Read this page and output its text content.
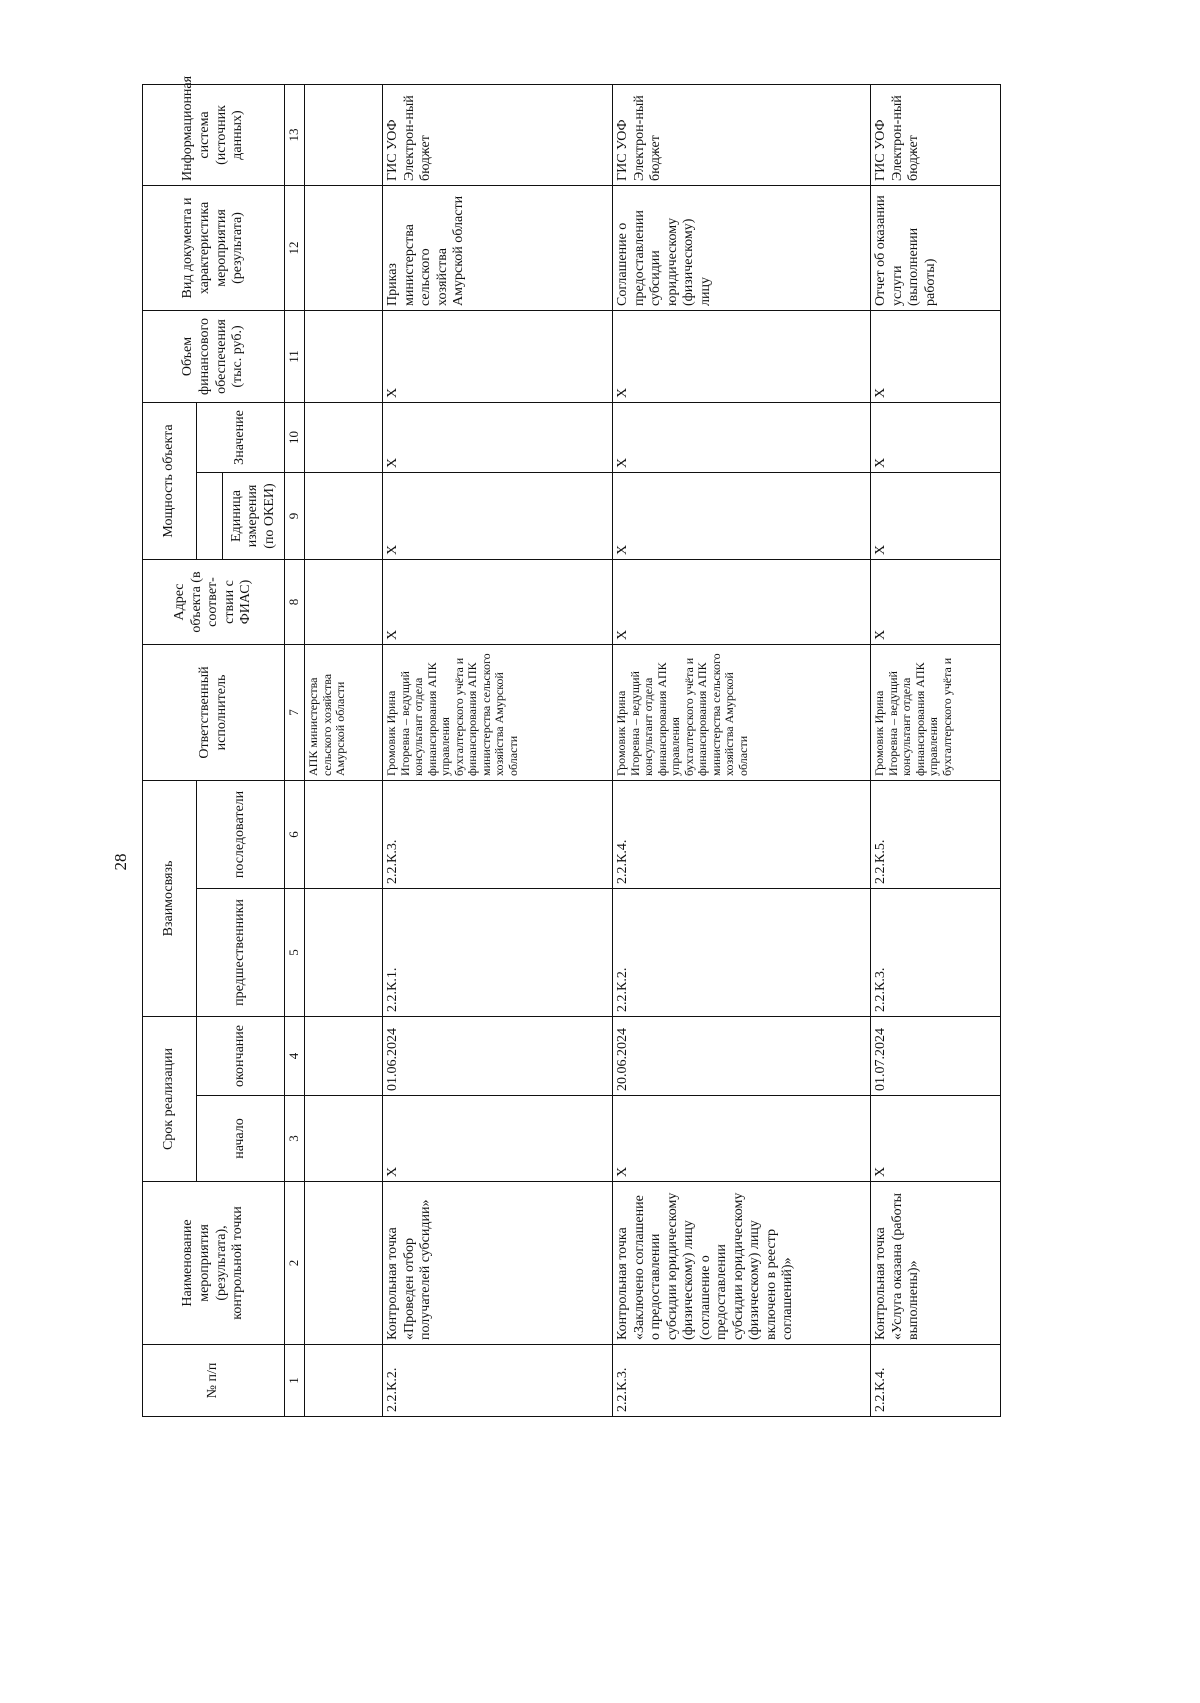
28
№ п/п	Наименование мероприятия (результата), контрольной точки	Срок реализации		Взаимосвязь		Ответственный исполнитель	Адрес объекта (в соответ-ствии с ФИАС)	Мощность объекта		Объем финансового обеспечения (тыс. руб.)	Вид документа и характеристика мероприятия (результата)	Информационная система (источник данных)
		начало	окончание	предшественники	последователи				Значение			
								Единица измерения (по ОКЕИ)				
1	2	3	4	5	6	7	8	9	10	11	12	13
						АПК министерства сельского хозяйства Амурской области						
2.2.К.2.	Контрольная точка «Проведен отбор получателей субсидии»	X	01.06.2024	2.2.К.1.	2.2.К.3.	Громовик Ирина Игоревна – ведущий консультант отдела финансирования АПК управления бухгалтерского учёта и финансирования АПК министерства сельского хозяйства Амурской области	X	X	X	X	Приказ министерства сельского хозяйства Амурской области	ГИС УОФ Электрон-ный бюджет
2.2.К.3.	Контрольная точка «Заключено соглашение о предоставлении субсидии юридическому (физическому) лицу (соглашение о предоставлении субсидии юридическому (физическому) лицу включено в реестр соглашений)»	X	20.06.2024	2.2.К.2.	2.2.К.4.	Громовик Ирина Игоревна – ведущий консультант отдела финансирования АПК управления бухгалтерского учёта и финансирования АПК министерства сельского хозяйства Амурской области	X	X	X	X	Соглашение о предоставлении субсидии юридическому (физическому) лицу	ГИС УОФ Электрон-ный бюджет
2.2.К.4.	Контрольная точка «Услуга оказана (работы выполнены)»	X	01.07.2024	2.2.К.3.	2.2.К.5.	Громовик Ирина Игоревна – ведущий консультант отдела финансирования АПК управления бухгалтерского учёта и	X	X	X	X	Отчет об оказании услуги (выполнении работы)	ГИС УОФ Электрон-ный бюджет
